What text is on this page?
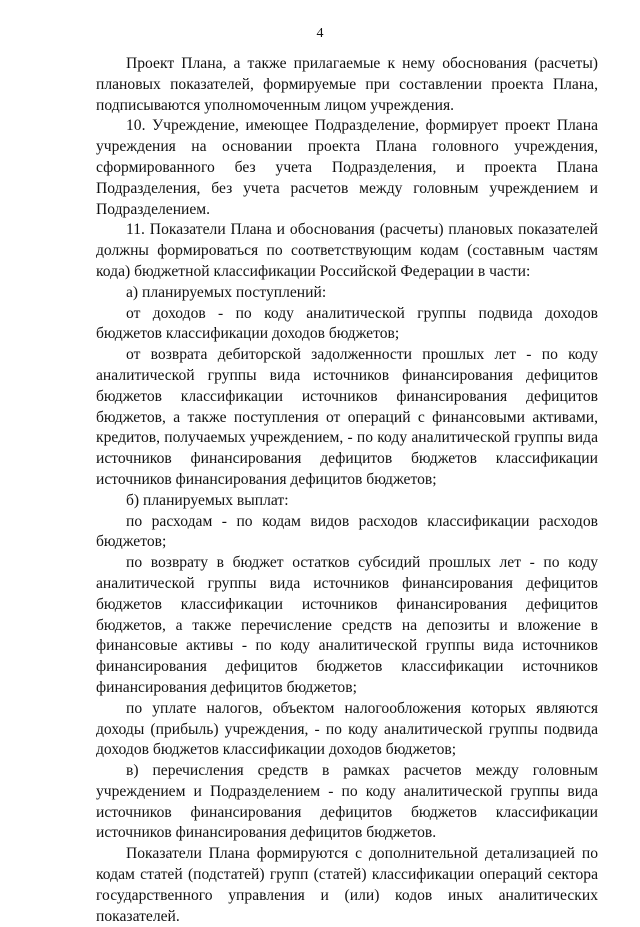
4

Проект Плана, а также прилагаемые к нему обоснования (расчеты) плановых показателей, формируемые при составлении проекта Плана, подписываются уполномоченным лицом учреждения.

10. Учреждение, имеющее Подразделение, формирует проект Плана учреждения на основании проекта Плана головного учреждения, сформированного без учета Подразделения, и проекта Плана Подразделения, без учета расчетов между головным учреждением и Подразделением.

11. Показатели Плана и обоснования (расчеты) плановых показателей должны формироваться по соответствующим кодам (составным частям кода) бюджетной классификации Российской Федерации в части:

а) планируемых поступлений:

от доходов - по коду аналитической группы подвида доходов бюджетов классификации доходов бюджетов;

от возврата дебиторской задолженности прошлых лет - по коду аналитической группы вида источников финансирования дефицитов бюджетов классификации источников финансирования дефицитов бюджетов, а также поступления от операций с финансовыми активами, кредитов, получаемых учреждением, - по коду аналитической группы вида источников финансирования дефицитов бюджетов классификации источников финансирования дефицитов бюджетов;

б) планируемых выплат:

по расходам - по кодам видов расходов классификации расходов бюджетов;

по возврату в бюджет остатков субсидий прошлых лет - по коду аналитической группы вида источников финансирования дефицитов бюджетов классификации источников финансирования дефицитов бюджетов, а также перечисление средств на депозиты и вложение в финансовые активы - по коду аналитической группы вида источников финансирования дефицитов бюджетов классификации источников финансирования дефицитов бюджетов;

по уплате налогов, объектом налогообложения которых являются доходы (прибыль) учреждения, - по коду аналитической группы подвида доходов бюджетов классификации доходов бюджетов;

в) перечисления средств в рамках расчетов между головным учреждением и Подразделением - по коду аналитической группы вида источников финансирования дефицитов бюджетов классификации источников финансирования дефицитов бюджетов.

Показатели Плана формируются с дополнительной детализацией по кодам статей (подстатей) групп (статей) классификации операций сектора государственного управления и (или) кодов иных аналитических показателей.
